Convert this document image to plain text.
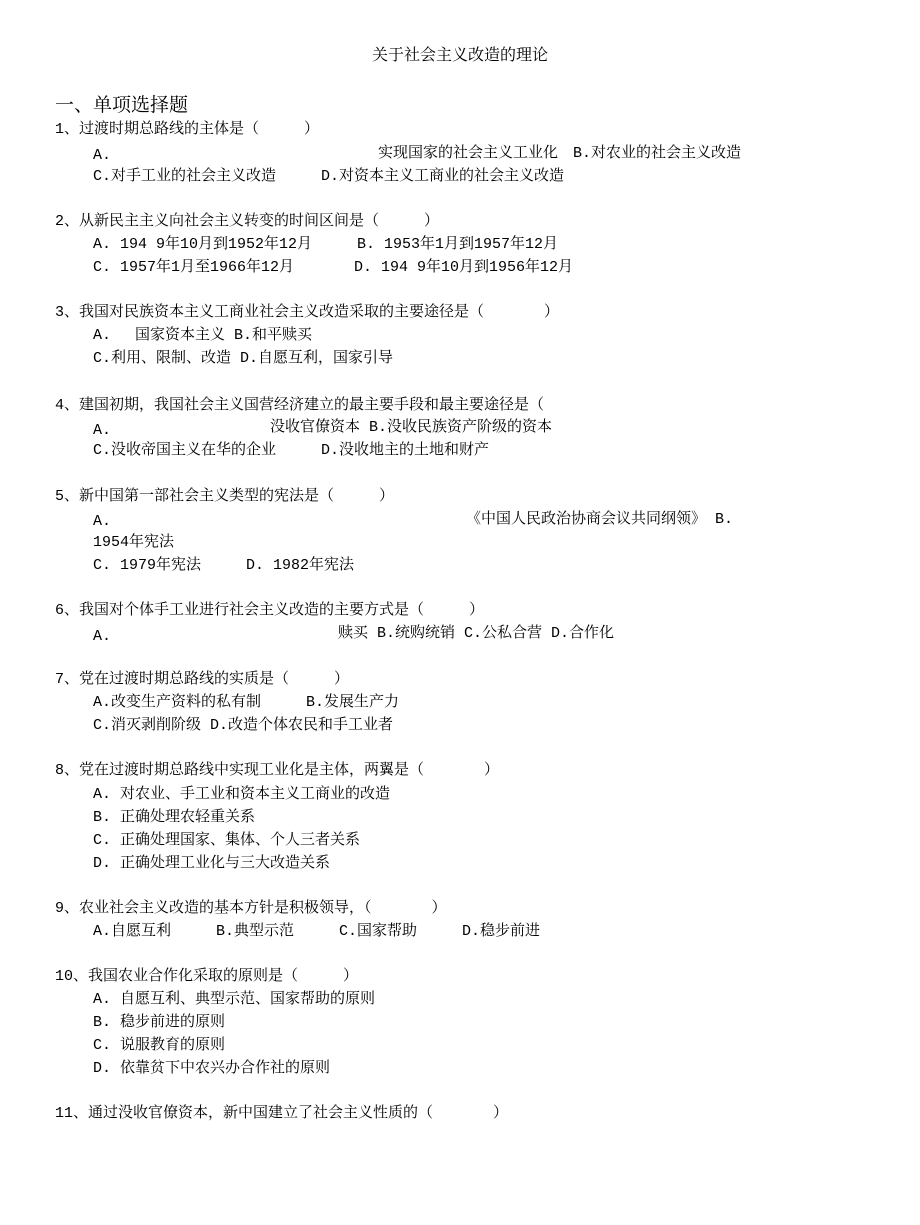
关于社会主义改造的理论
一、单项选择题
1、过渡时期总路线的主体是（　　　）
A.	实现国家的社会主义工业化　B.对农业的社会主义改造
C.对手工业的社会主义改造　　　D.对资本主义工商业的社会主义改造
2、从新民主主义向社会主义转变的时间区间是（　　　）
A. 194 9年10月到1952年12月　　　B. 1953年1月到1957年12月
C. 1957年1月至1966年12月　　　　D. 194 9年10月到1956年12月
3、我国对民族资本主义工商业社会主义改造采取的主要途径是（　　　　）
A.　 国家资本主义 B.和平赎买
C.利用、限制、改造 D.自愿互利，国家引导
4、建国初期，我国社会主义国营经济建立的最主要手段和最主要途径是（
A.	没收官僚资本 B.没收民族资产阶级的资本
C.没收帝国主义在华的企业　　　D.没收地主的土地和财产
5、新中国第一部社会主义类型的宪法是（　　　）
A.	《中国人民政治协商会议共同纲领》 B.
1954年宪法
C. 1979年宪法　　　D. 1982年宪法
6、我国对个体手工业进行社会主义改造的主要方式是（　　　）
A.	赎买 B.统购统销 C.公私合营 D.合作化
7、党在过渡时期总路线的实质是（　　　）
A.改变生产资料的私有制　　　B.发展生产力
C.消灭剥削阶级 D.改造个体农民和手工业者
8、党在过渡时期总路线中实现工业化是主体，两翼是（　　　　）
A. 对农业、手工业和资本主义工商业的改造
B. 正确处理农轻重关系
C. 正确处理国家、集体、个人三者关系
D. 正确处理工业化与三大改造关系
9、农业社会主义改造的基本方针是积极领导，（　　　　）
A.自愿互利　　　B.典型示范　　　C.国家帮助　　　D.稳步前进
10、我国农业合作化采取的原则是（　　　）
A. 自愿互利、典型示范、国家帮助的原则
B. 稳步前进的原则
C. 说服教育的原则
D. 依靠贫下中农兴办合作社的原则
11、通过没收官僚资本，新中国建立了社会主义性质的（　　　　）
